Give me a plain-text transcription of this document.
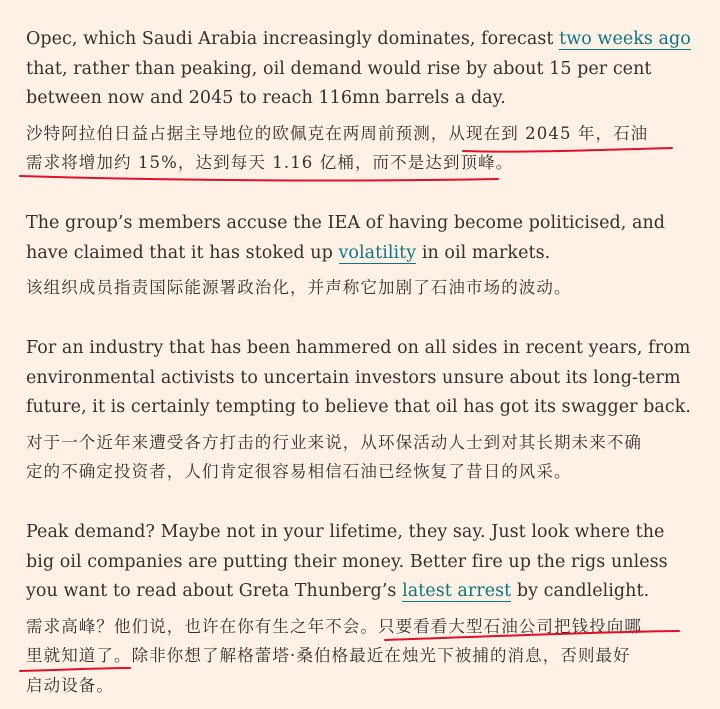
Opec, which Saudi Arabia increasingly dominates, forecast two weeks ago that, rather than peaking, oil demand would rise by about 15 per cent between now and 2045 to reach 116mn barrels a day.

沙特阿拉伯日益占据主导地位的欧佩克在两周前预测，从现在到 2045 年，石油
需求将增加约 15%，达到每天 1.16 亿桶，而不是达到顶峰。

The group’s members accuse the IEA of having become politicised, and have claimed that it has stoked up volatility in oil markets.

该组织成员指责国际能源署政治化，并声称它加剧了石油市场的波动。

For an industry that has been hammered on all sides in recent years, from environmental activists to uncertain investors unsure about its long-term future, it is certainly tempting to believe that oil has got its swagger back.

对于一个近年来遭受各方打击的行业来说，从环保活动人士到对其长期未来不确
定的不确定投资者，人们肯定很容易相信石油已经恢复了昔日的风采。

Peak demand? Maybe not in your lifetime, they say. Just look where the big oil companies are putting their money. Better fire up the rigs unless you want to read about Greta Thunberg’s latest arrest by candlelight.

需求高峰？他们说，也许在你有生之年不会。只要看看大型石油公司把钱投向哪
里就知道了。除非你想了解格蕾塔·桑伯格最近在烛光下被捕的消息，否则最好
启动设备。
